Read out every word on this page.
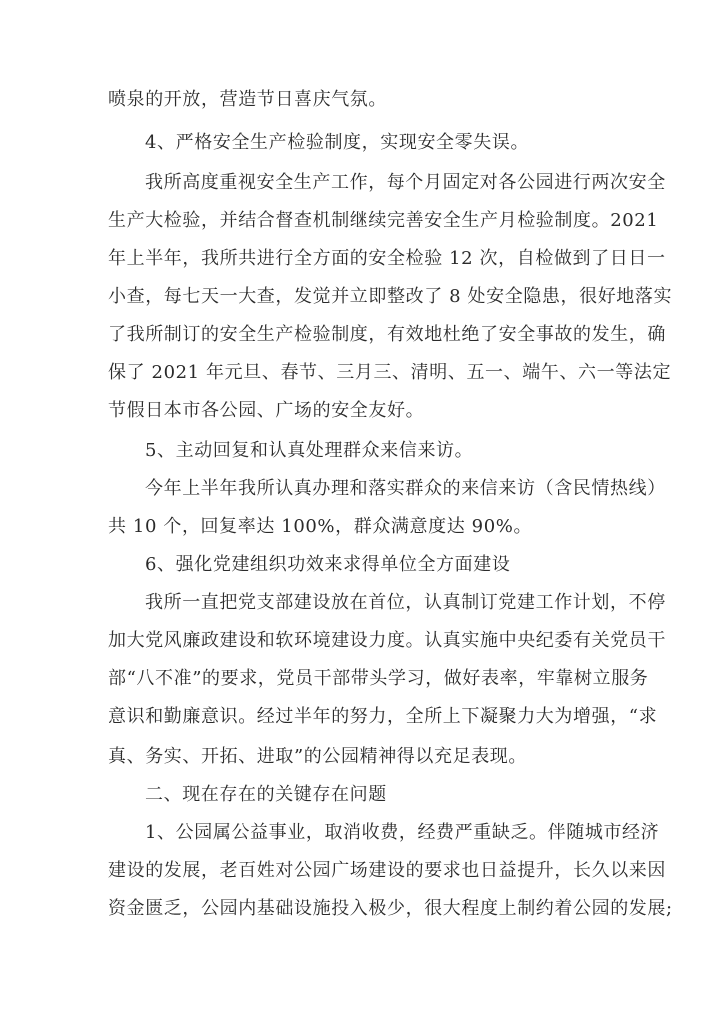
喷泉的开放，营造节日喜庆气氛。
4、严格安全生产检验制度，实现安全零失误。
我所高度重视安全生产工作，每个月固定对各公园进行两次安全
生产大检验，并结合督查机制继续完善安全生产月检验制度。2021
年上半年，我所共进行全方面的安全检验 12 次，自检做到了日日一
小查，每七天一大查，发觉并立即整改了 8 处安全隐患，很好地落实
了我所制订的安全生产检验制度，有效地杜绝了安全事故的发生，确
保了 2021 年元旦、春节、三月三、清明、五一、端午、六一等法定
节假日本市各公园、广场的安全友好。
5、主动回复和认真处理群众来信来访。
今年上半年我所认真办理和落实群众的来信来访（含民情热线）
共 10 个，回复率达 100%，群众满意度达 90%。
6、强化党建组织功效来求得单位全方面建设
我所一直把党支部建设放在首位，认真制订党建工作计划，不停
加大党风廉政建设和软环境建设力度。认真实施中央纪委有关党员干
部“八不准”的要求，党员干部带头学习，做好表率，牢靠树立服务
意识和勤廉意识。经过半年的努力，全所上下凝聚力大为增强，“求
真、务实、开拓、进取”的公园精神得以充足表现。
二、现在存在的关键存在问题
1、公园属公益事业，取消收费，经费严重缺乏。伴随城市经济
建设的发展，老百姓对公园广场建设的要求也日益提升，长久以来因
资金匮乏，公园内基础设施投入极少，很大程度上制约着公园的发展;
